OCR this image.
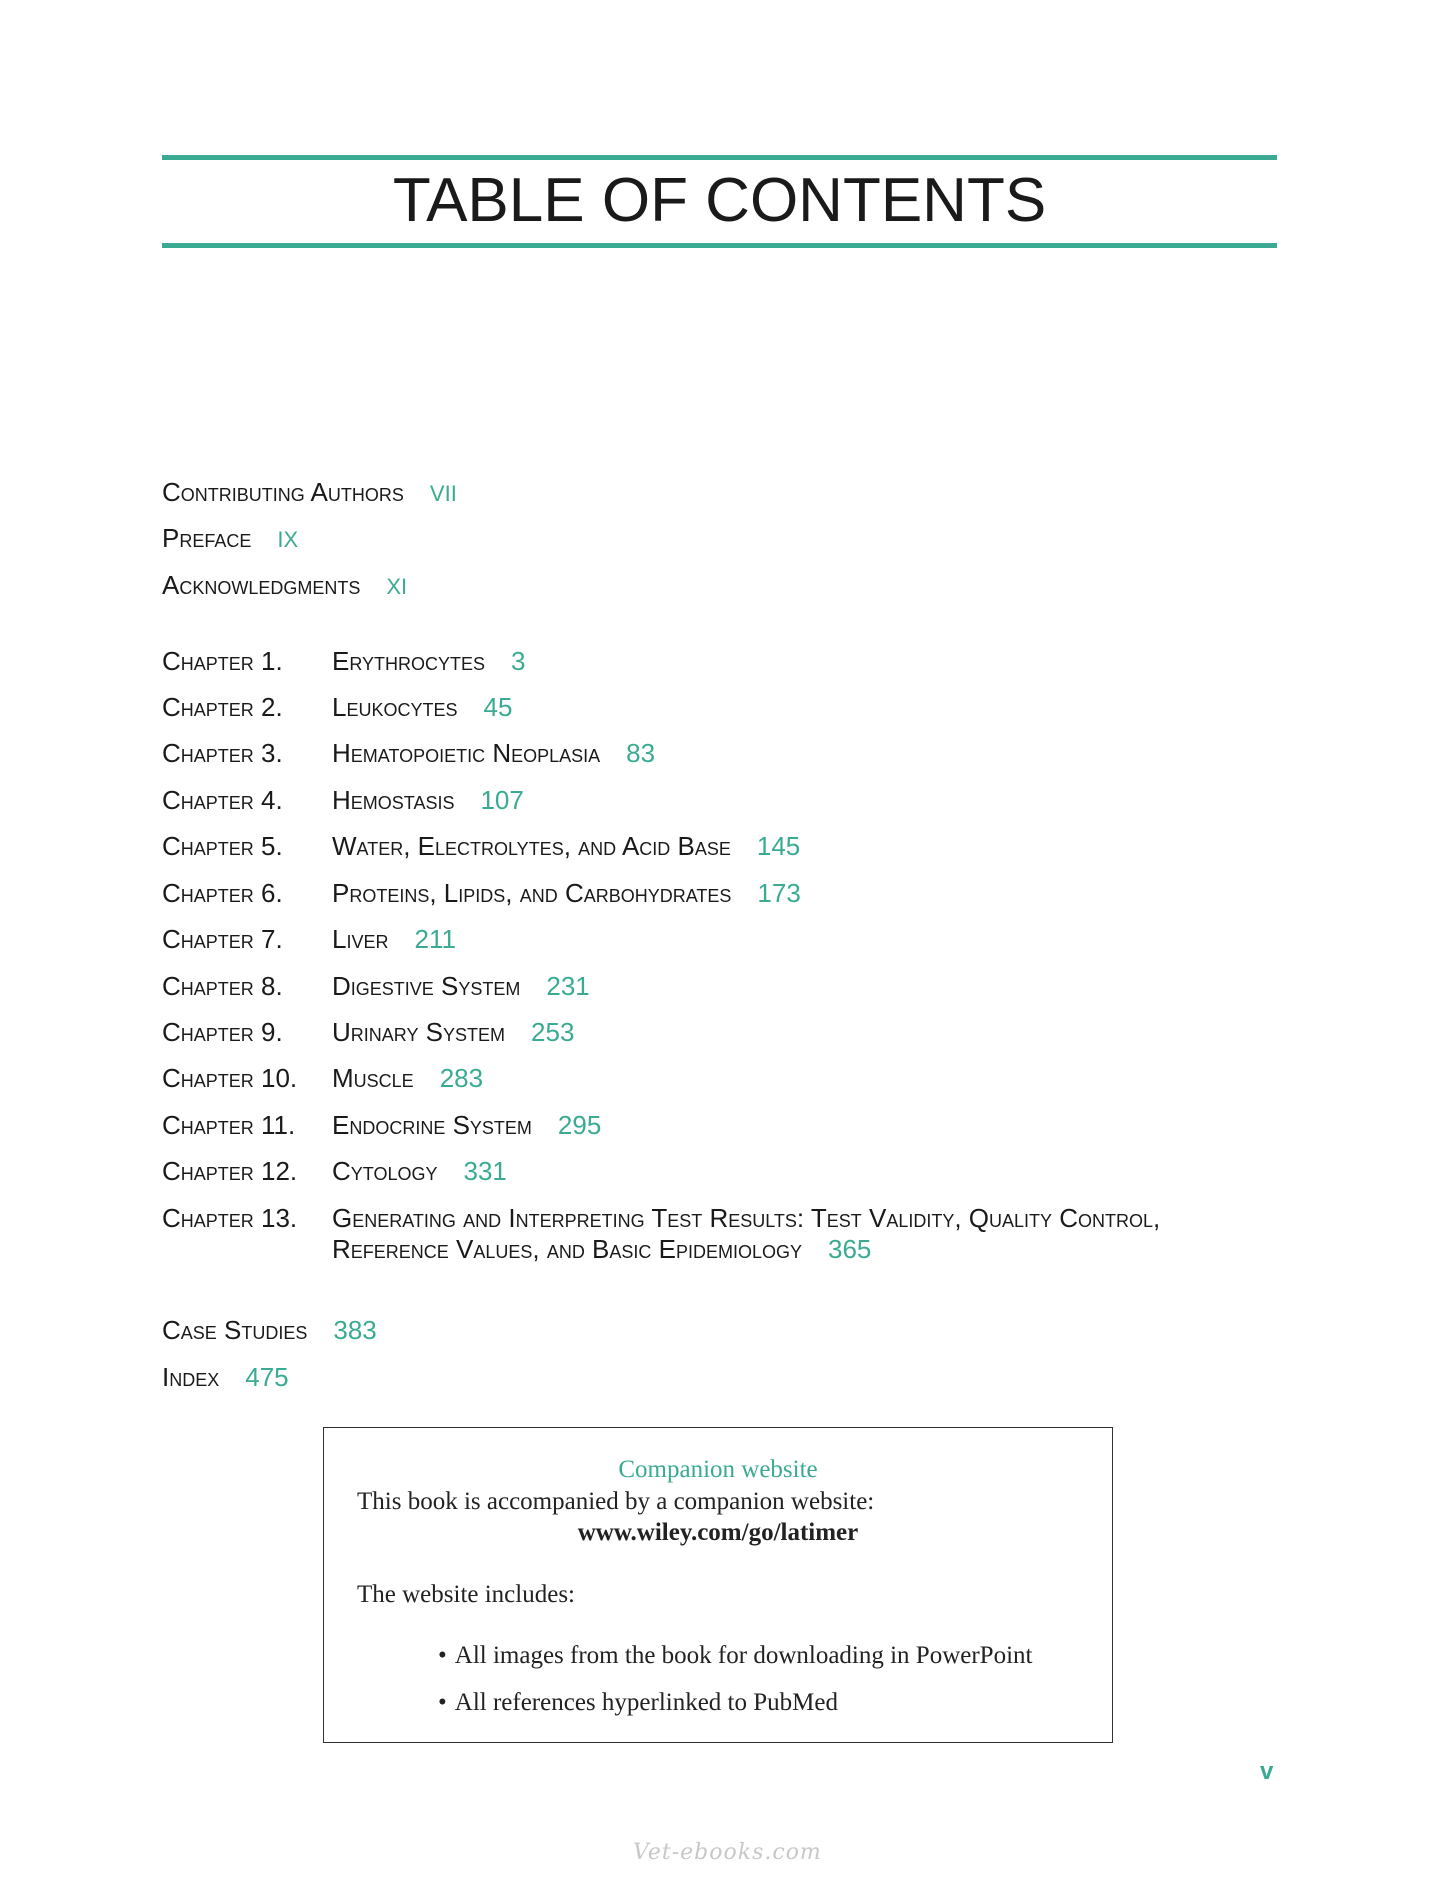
TABLE OF CONTENTS
Contributing Authors VII
Preface IX
Acknowledgments XI
Chapter 1. Erythrocytes 3
Chapter 2. Leukocytes 45
Chapter 3. Hematopoietic Neoplasia 83
Chapter 4. Hemostasis 107
Chapter 5. Water, Electrolytes, and Acid Base 145
Chapter 6. Proteins, Lipids, and Carbohydrates 173
Chapter 7. Liver 211
Chapter 8. Digestive System 231
Chapter 9. Urinary System 253
Chapter 10. Muscle 283
Chapter 11. Endocrine System 295
Chapter 12. Cytology 331
Chapter 13. Generating and Interpreting Test Results: Test Validity, Quality Control,
Reference Values, and Basic Epidemiology 365
Case Studies 383
Index 475
Companion website
This book is accompanied by a companion website:
www.wiley.com/go/latimer
The website includes:
• All images from the book for downloading in PowerPoint
• All references hyperlinked to PubMed
v
Vet-ebooks.com
